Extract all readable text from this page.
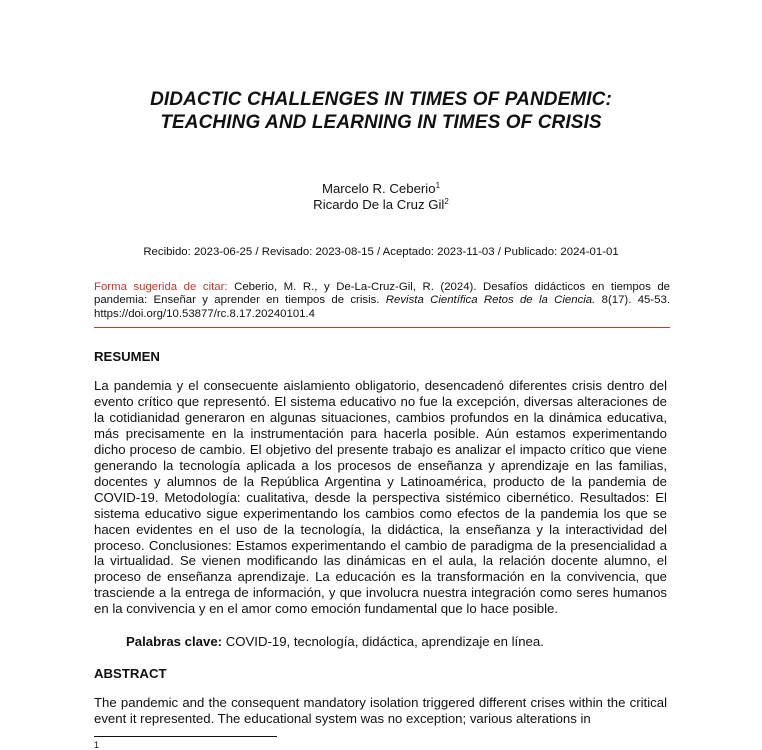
DIDACTIC CHALLENGES IN TIMES OF PANDEMIC:
TEACHING AND LEARNING IN TIMES OF CRISIS
Marcelo R. Ceberio$^1$
Ricardo De la Cruz Gil$^2$
Recibido: 2023-06-25 / Revisado: 2023-08-15 / Aceptado: 2023-11-03 / Publicado: 2024-01-01
Forma sugerida de citar: Ceberio, M. R., y De-La-Cruz-Gil, R. (2024). Desafíos didácticos en tiempos de pandemia: Enseñar y aprender en tiempos de crisis. Revista Científica Retos de la Ciencia. 8(17). 45-53. https://doi.org/10.53877/rc.8.17.20240101.4
RESUMEN
La pandemia y el consecuente aislamiento obligatorio, desencadenó diferentes crisis dentro del evento crítico que representó. El sistema educativo no fue la excepción, diversas alteraciones de la cotidianidad generaron en algunas situaciones, cambios profundos en la dinámica educativa, más precisamente en la instrumentación para hacerla posible. Aún estamos experimentando dicho proceso de cambio. El objetivo del presente trabajo es analizar el impacto crítico que viene generando la tecnología aplicada a los procesos de enseñanza y aprendizaje en las familias, docentes y alumnos de la República Argentina y Latinoamérica, producto de la pandemia de COVID-19. Metodología: cualitativa, desde la perspectiva sistémico cibernético. Resultados: El sistema educativo sigue experimentando los cambios como efectos de la pandemia los que se hacen evidentes en el uso de la tecnología, la didáctica, la enseñanza y la interactividad del proceso. Conclusiones: Estamos experimentando el cambio de paradigma de la presencialidad a la virtualidad. Se vienen modificando las dinámicas en el aula, la relación docente alumno, el proceso de enseñanza aprendizaje. La educación es la transformación en la convivencia, que trasciende a la entrega de información, y que involucra nuestra integración como seres humanos en la convivencia y en el amor como emoción fundamental que lo hace posible.
Palabras clave: COVID-19, tecnología, didáctica, aprendizaje en línea.
ABSTRACT
The pandemic and the consequent mandatory isolation triggered different crises within the critical event it represented. The educational system was no exception; various alterations in
1
